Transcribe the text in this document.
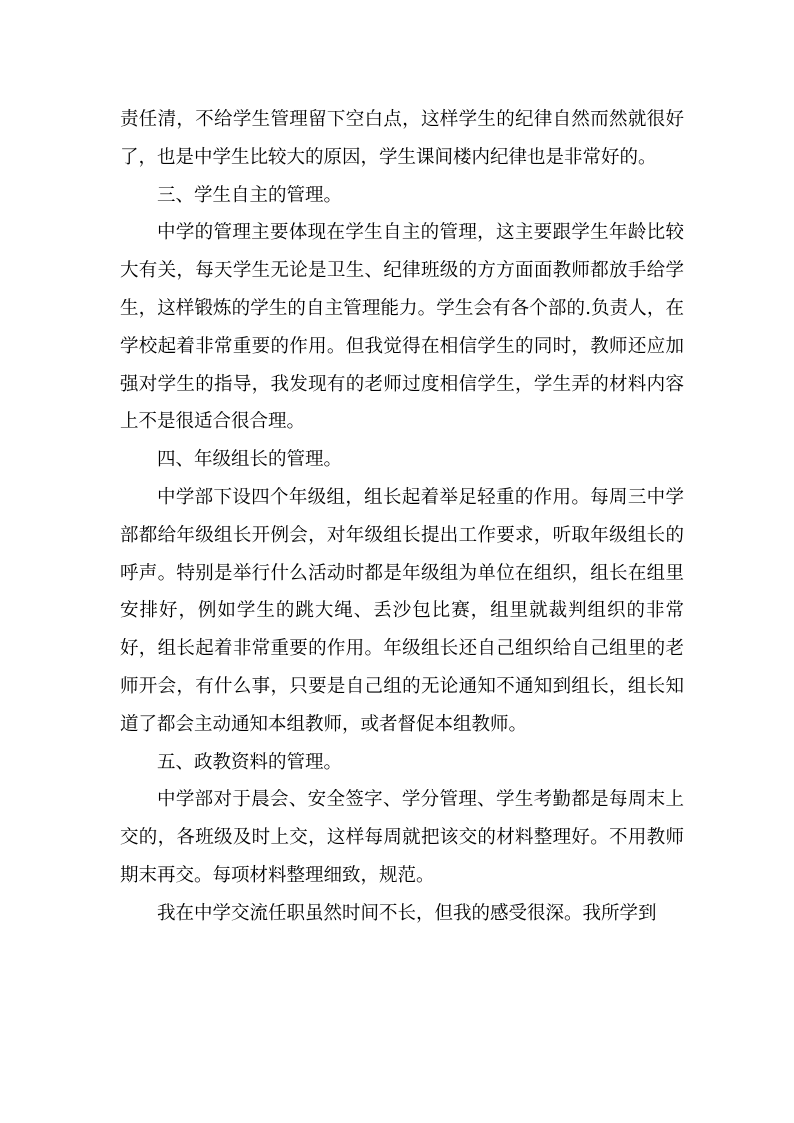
责任清，不给学生管理留下空白点，这样学生的纪律自然而然就很好了，也是中学生比较大的原因，学生课间楼内纪律也是非常好的。

三、学生自主的管理。

中学的管理主要体现在学生自主的管理，这主要跟学生年龄比较大有关，每天学生无论是卫生、纪律班级的方方面面教师都放手给学生，这样锻炼的学生的自主管理能力。学生会有各个部的.负责人，在学校起着非常重要的作用。但我觉得在相信学生的同时，教师还应加强对学生的指导，我发现有的老师过度相信学生，学生弄的材料内容上不是很适合很合理。

四、年级组长的管理。

中学部下设四个年级组，组长起着举足轻重的作用。每周三中学部都给年级组长开例会，对年级组长提出工作要求，听取年级组长的呼声。特别是举行什么活动时都是年级组为单位在组织，组长在组里安排好，例如学生的跳大绳、丢沙包比赛，组里就裁判组织的非常好，组长起着非常重要的作用。年级组长还自己组织给自己组里的老师开会，有什么事，只要是自己组的无论通知不通知到组长，组长知道了都会主动通知本组教师，或者督促本组教师。

五、政教资料的管理。

中学部对于晨会、安全签字、学分管理、学生考勤都是每周末上交的，各班级及时上交，这样每周就把该交的材料整理好。不用教师期末再交。每项材料整理细致，规范。

我在中学交流任职虽然时间不长，但我的感受很深。我所学到
